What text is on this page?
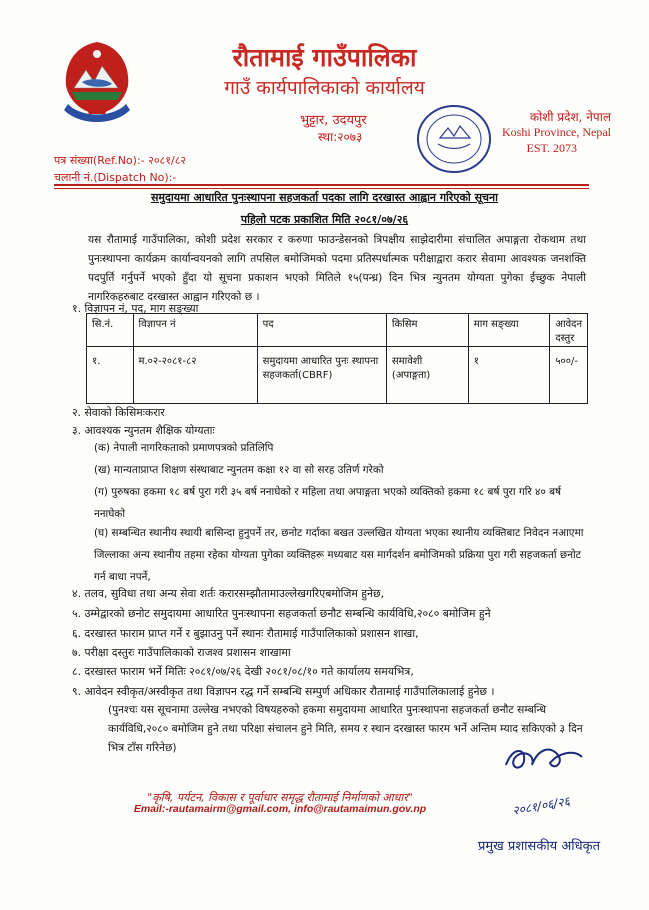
रौतामाई गाउँपालिका
गाउँ कार्यपालिकाको कार्यालय
भुट्टार, उदयपुर
स्था:२०७३
कोशी प्रदेश, नेपाल
Koshi Province, Nepal
EST. 2073
पत्र संख्या(Ref.No):- २०८१/८२
चलानी नं.(Dispatch No):-
समुदायमा आधारित पुनःस्थापना सहजकर्ता पदका लागि दरखास्त आह्वान गरिएको सूचना
पहिलो पटक प्रकाशित मिति २०८१/०७/२६
यस रौतामाई गाउँपालिका, कोशी प्रदेश सरकार र करुणा फाउन्डेसनको त्रिपक्षीय साझेदारीमा संचालित अपाङ्गता रोकथाम तथा पुनःस्थापना कार्यक्रम कार्यान्वयनको लागि तपसिल बमोजिमको पदमा प्रतिस्पर्धात्मक परीक्षाद्वारा करार सेवामा आवश्यक जनशक्ति पदपुर्ति गर्नुपर्ने भएको हुँदा यो सूचना प्रकाशन भएको मितिले १५(पन्ध्र) दिन भित्र न्युनतम योग्यता पुगेका ईच्छुक नेपाली नागरिकहरुबाट दरखास्त आह्वान गरिएको छ ।
१. विज्ञापन नं, पद, माग सङ्ख्या
सि.नं.	विज्ञापन नं	पद	किसिम	माग सङ्ख्या	आवेदन दस्तुर
१.	म.०२-२०८१-८२	समुदायमा आधारित पुनः स्थापना सहजकर्ता(CBRF)	समावेशी (अपाङ्गता)	१	५००/-
२. सेवाको किसिमःकरार
३. आवश्यक न्युनतम शैक्षिक योग्यताः
(क) नेपाली नागरिकताको प्रमाणपत्रको प्रतिलिपि
(ख) मान्यताप्राप्त शिक्षण संस्थाबाट न्युनतम कक्षा १२ वा सो सरह उतिर्ण गरेको
(ग) पुरुषका हकमा १८ बर्ष पुरा गरी ३५ बर्ष ननाघेको र महिला तथा अपाङ्गता भएको व्यक्तिको हकमा १८ बर्ष पुरा गरि ४० बर्ष ननाघेको
(घ) सम्बन्धित स्थानीय स्थायी बासिन्दा हुनुपर्ने तर, छनोट गर्दाका बखत उल्लखित योग्यता भएका स्थानीय व्यक्तिबाट निवेदन नआएमा जिल्लाका अन्य स्थानीय तहमा रहेका योग्यता पुगेका व्यक्तिहरू मध्यबाट यस मार्गदर्शन बमोजिमको प्रक्रिया पुरा गरी सहजकर्ता छनोट गर्न बाधा नपर्ने,
४. तलव, सुविधा तथा अन्य सेवा शर्तः करारसम्झौतामाउल्लेखगरिएबमोजिम हुनेछ,
५. उम्मेद्वारको छनोट समुदायमा आधारित पुनःस्थापना सहजकर्ता छनौट सम्बन्धि कार्यविधि,२०८० बमोजिम हुने
६. दरखास्त फाराम प्राप्त गर्ने र बुझाउनु पर्ने स्थानः रौतामाई गाउँपालिकाको प्रशासन शाखा,
७. परीक्षा दस्तुरः गाउँपालिकाको राजश्व प्रशासन शाखामा
८. दरखास्त फाराम भर्ने मितिः २०८१/०७/२६ देखी २०८१/०८/१० गते कार्यालय समयभित्र,
९. आवेदन स्वीकृत/अस्वीकृत तथा विज्ञापन रद्ध गर्ने सम्बन्धि सम्पुर्ण अधिकार रौतामाई गाउँपालिकालाई हुनेछ ।
(पुनश्चः यस सूचनामा उल्लेख नभएको विषयहरुको हकमा समुदायमा आधारित पुनःस्थापना सहजकर्ता छनौट सम्बन्धि कार्यविधि,२०८० बमोजिम हुने तथा परिक्षा संचालन हुने मिति, समय र स्थान दरखास्त फारम भर्ने अन्तिम म्याद सकिएको ३ दिन भित्र टाँस गरिनेछ)
"कृषि, पर्यटन, विकास र पूर्वाधार समृद्ध रौतामाई निर्माणको आधार"
Email:-rautamairm@gmail.com, info@rautamaimun.gov.np	२०८१/०६/२६
प्रमुख प्रशासकीय अधिकृत
